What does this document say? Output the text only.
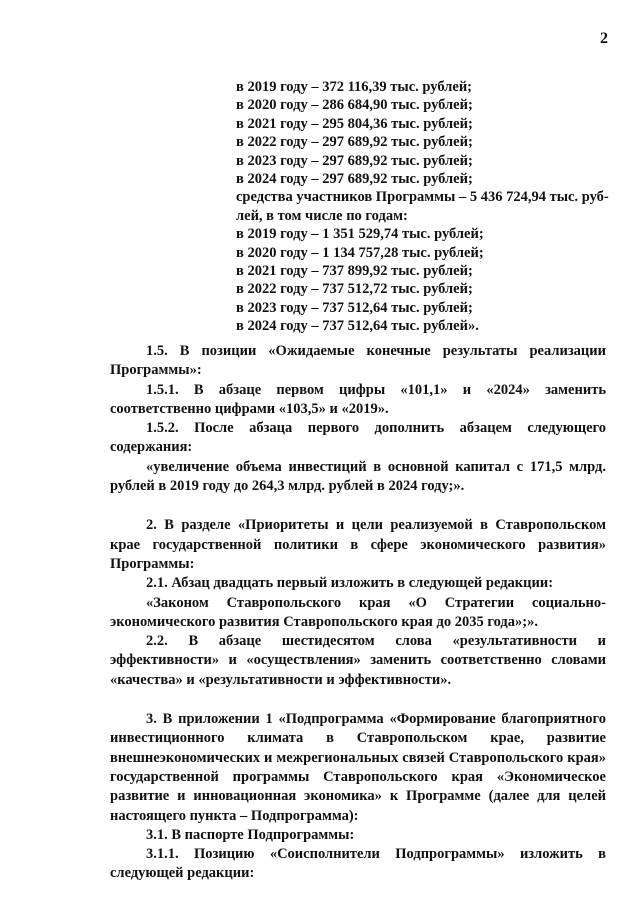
2
в 2019 году – 372 116,39 тыс. рублей;
в 2020 году – 286 684,90 тыс. рублей;
в 2021 году – 295 804,36 тыс. рублей;
в 2022 году – 297 689,92 тыс. рублей;
в 2023 году – 297 689,92 тыс. рублей;
в 2024 году – 297 689,92 тыс. рублей;
средства участников Программы – 5 436 724,94 тыс. руб-
лей, в том числе по годам:
в 2019 году – 1 351 529,74 тыс. рублей;
в 2020 году – 1 134 757,28 тыс. рублей;
в 2021 году – 737 899,92 тыс. рублей;
в 2022 году – 737 512,72 тыс. рублей;
в 2023 году – 737 512,64 тыс. рублей;
в 2024 году – 737 512,64 тыс. рублей».

1.5. В позиции «Ожидаемые конечные результаты реализации Программы»:

1.5.1. В абзаце первом цифры «101,1» и «2024» заменить соответственно цифрами «103,5» и «2019».

1.5.2. После абзаца первого дополнить абзацем следующего содержания:

«увеличение объема инвестиций в основной капитал с 171,5 млрд. рублей в 2019 году до 264,3 млрд. рублей в 2024 году;».

2. В разделе «Приоритеты и цели реализуемой в Ставропольском крае государственной политики в сфере экономического развития» Программы:

2.1. Абзац двадцать первый изложить в следующей редакции:

«Законом Ставропольского края «О Стратегии социально-экономического развития Ставропольского края до 2035 года»;».

2.2. В абзаце шестидесятом слова «результативности и эффективности» и «осуществления» заменить соответственно словами «качества» и «результативности и эффективности».

3. В приложении 1 «Подпрограмма «Формирование благоприятного инвестиционного климата в Ставропольском крае, развитие внешнеэкономических и межрегиональных связей Ставропольского края» государственной программы Ставропольского края «Экономическое развитие и инновационная экономика» к Программе (далее для целей настоящего пункта – Подпрограмма):

3.1. В паспорте Подпрограммы:

3.1.1. Позицию «Соисполнители Подпрограммы» изложить в следующей редакции:
